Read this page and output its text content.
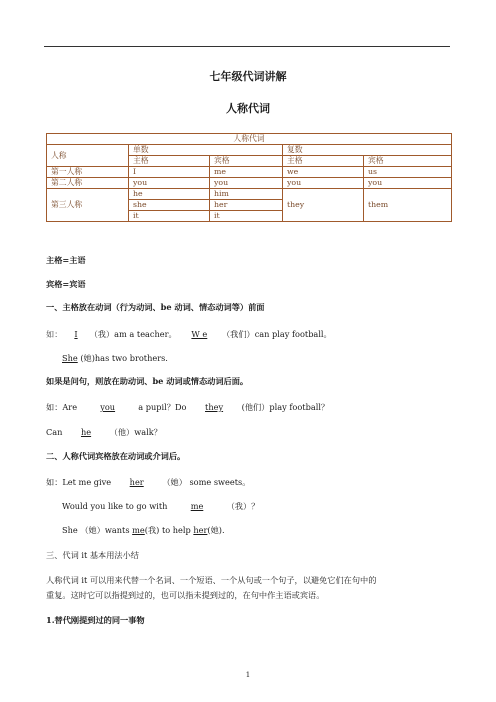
七年级代词讲解
人称代词
人称代词				
人称	单数		复数	
	主格	宾格	主格	宾格
第一人称	I	me	we	us
第二人称	you	you	you	you
第三人称	he	him	they	them
	she	her		
	it	it		
主格=主语
宾格=宾语
一、主格放在动词（行为动词、be 动词、情态动词等）前面
如： I （我）am a teacher。 W e （我们）can play football。
She (她)has two brothers.
如果是问句，则放在助动词、be 动词或情态动词后面。
如：Are	you	a pupil？Do they (他们）play football？
Can he （他）walk？
二、人称代词宾格放在动词或介词后。
如：Let me give her （她） some sweets。
Would you like to go with	me	（我）？
She （她）wants me(我) to help her(她).
三、代词 it 基本用法小结
人称代词 it 可以用来代替一个名词、一个短语、一个从句或一个句子，以避免它们在句中的
重复。这时它可以指提到过的，也可以指未提到过的，在句中作主语或宾语。
1.替代刚提到过的同一事物
1
